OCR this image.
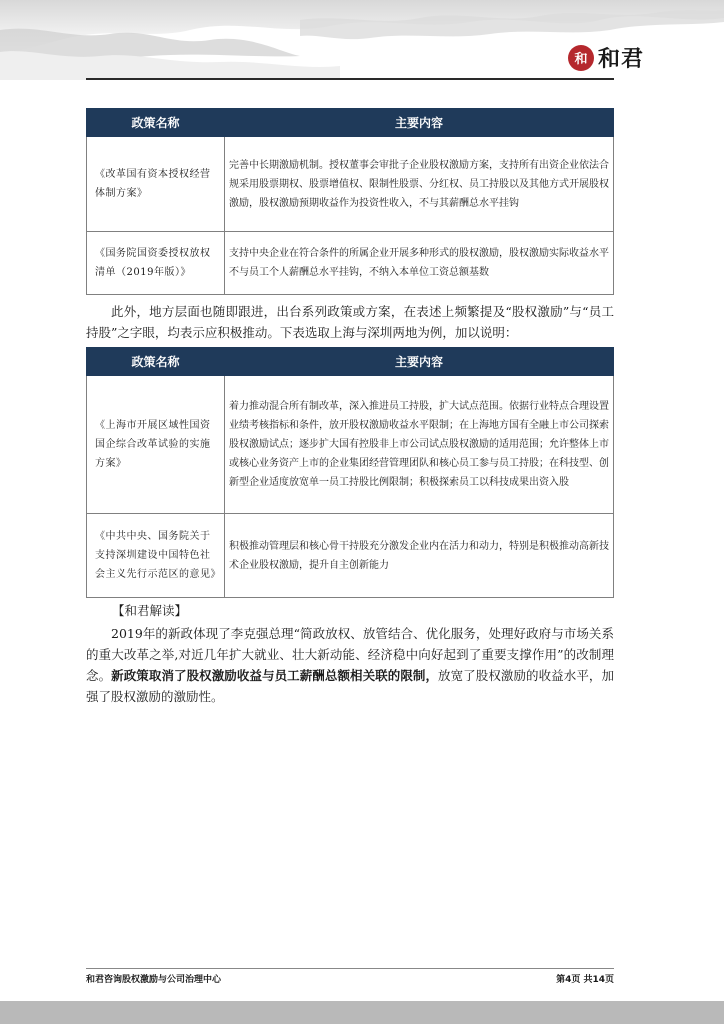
和 和君
政策名称	主要内容
《改革国有资本授权经营体制方案》	完善中长期激励机制。授权董事会审批子企业股权激励方案，支持所有出资企业依法合规采用股票期权、股票增值权、限制性股票、分红权、员工持股以及其他方式开展股权激励，股权激励预期收益作为投资性收入，不与其薪酬总水平挂钩
《国务院国资委授权放权清单（2019年版）》	支持中央企业在符合条件的所属企业开展多种形式的股权激励，股权激励实际收益水平不与员工个人薪酬总水平挂钩，不纳入本单位工资总额基数

此外，地方层面也随即跟进，出台系列政策或方案，在表述上频繁提及“股权激励”与“员工持股”之字眼，均表示应积极推动。下表选取上海与深圳两地为例，加以说明：

政策名称	主要内容
《上海市开展区域性国资国企综合改革试验的实施方案》	着力推动混合所有制改革，深入推进员工持股，扩大试点范围。依据行业特点合理设置业绩考核指标和条件，放开股权激励收益水平限制；在上海地方国有全融上市公司探索股权激励试点；逐步扩大国有控股非上市公司试点股权激励的适用范围；允许整体上市或核心业务资产上市的企业集团经营管理团队和核心员工参与员工持股；在科技型、创新型企业适度放宽单一员工持股比例限制；积极探索员工以科技成果出资入股
《中共中央、国务院关于支持深圳建设中国特色社会主义先行示范区的意见》	积极推动管理层和核心骨干持股充分激发企业内在活力和动力，特别是积极推动高新技术企业股权激励，提升自主创新能力
【和君解读】

2019年的新政体现了李克强总理“简政放权、放管结合、优化服务，处理好政府与市场关系的重大改革之举,对近几年扩大就业、壮大新动能、经济稳中向好起到了重要支撑作用”的改制理念。新政策取消了股权激励收益与员工薪酬总额相关联的限制，放宽了股权激励的收益水平，加强了股权激励的激励性。

和君咨询股权激励与公司治理中心	第4页 共14页
